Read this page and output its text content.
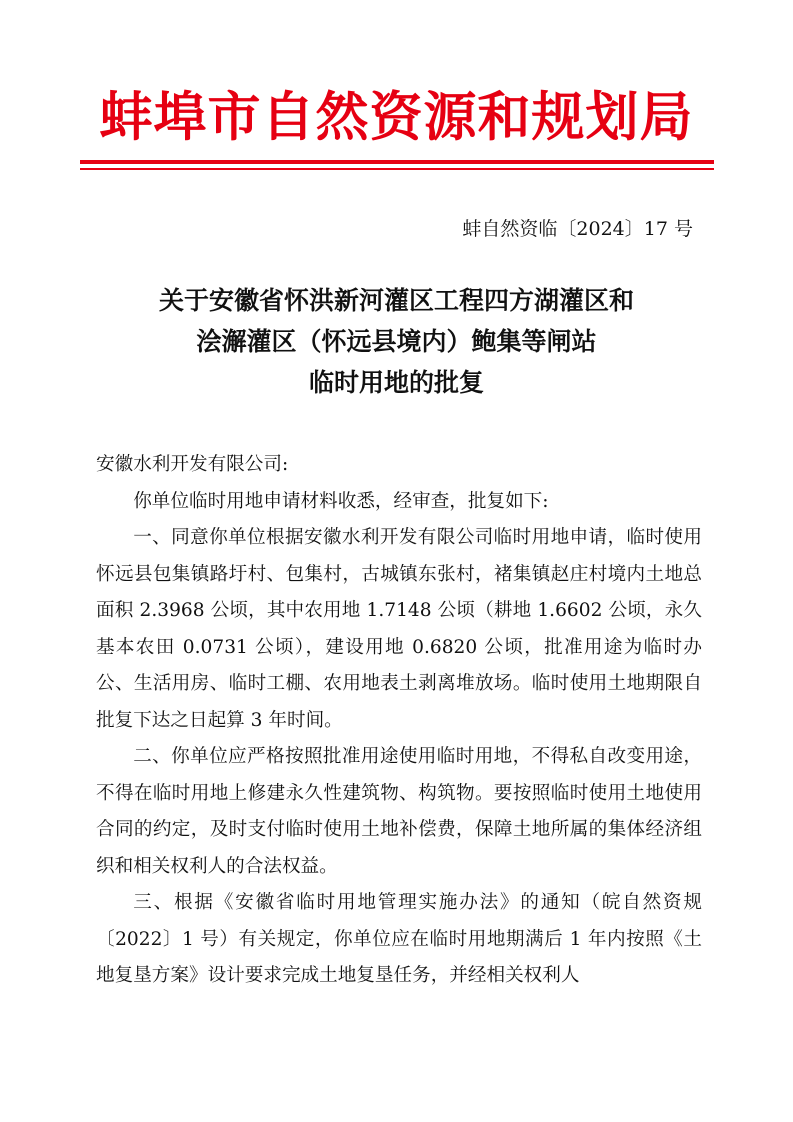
蚌埠市自然资源和规划局
蚌自然资临〔2024〕17 号
关于安徽省怀洪新河灌区工程四方湖灌区和
浍澥灌区（怀远县境内）鲍集等闸站
临时用地的批复
安徽水利开发有限公司:

你单位临时用地申请材料收悉，经审查，批复如下:

一、同意你单位根据安徽水利开发有限公司临时用地申请，临时使用怀远县包集镇路圩村、包集村，古城镇东张村，褚集镇赵庄村境内土地总面积 2.3968 公顷，其中农用地 1.7148 公顷（耕地 1.6602 公顷，永久基本农田 0.0731 公顷），建设用地 0.6820 公顷，批准用途为临时办公、生活用房、临时工棚、农用地表土剥离堆放场。临时使用土地期限自批复下达之日起算 3 年时间。

二、你单位应严格按照批准用途使用临时用地，不得私自改变用途，不得在临时用地上修建永久性建筑物、构筑物。要按照临时使用土地使用合同的约定，及时支付临时使用土地补偿费，保障土地所属的集体经济组织和相关权利人的合法权益。

三、根据《安徽省临时用地管理实施办法》的通知（皖自然资规〔2022〕1 号）有关规定，你单位应在临时用地期满后 1 年内按照《土地复垦方案》设计要求完成土地复垦任务，并经相关权利人
